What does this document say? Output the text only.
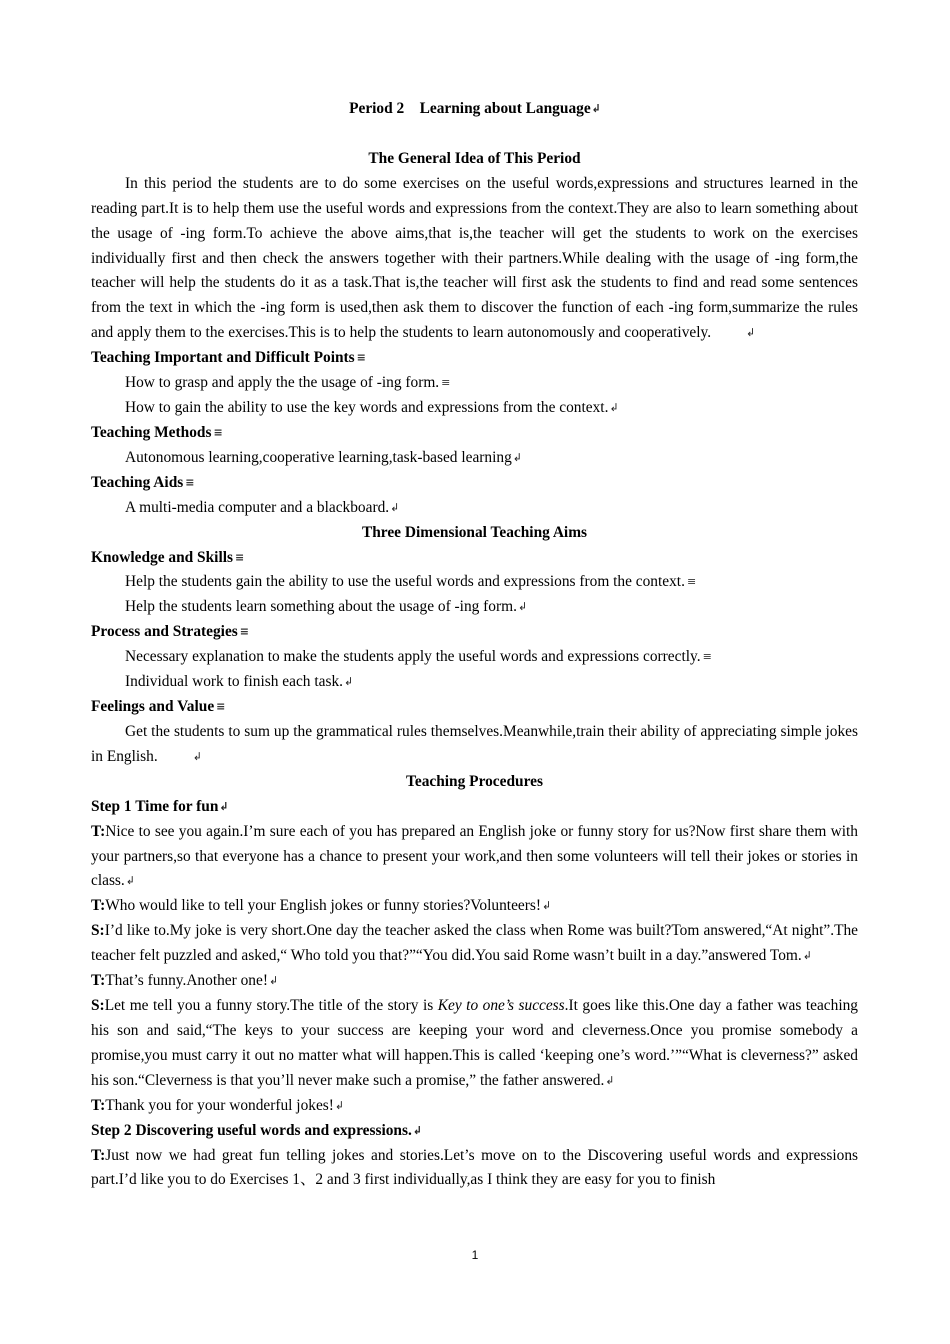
Period 2　Learning about Language↲

The General Idea of This Period

In this period the students are to do some exercises on the useful words,expressions and structures learned in the reading part.It is to help them use the useful words and expressions from the context.They are also to learn something about the usage of -ing form.To achieve the above aims,that is,the teacher will get the students to work on the exercises individually first and then check the answers together with their partners.While dealing with the usage of -ing form,the teacher will help the students do it as a task.That is,the teacher will first ask the students to find and read some sentences from the text in which the -ing form is used,then ask them to discover the function of each -ing form,summarize the rules and apply them to the exercises.This is to help the students to learn autonomously and cooperatively.	↲

Teaching Important and Difficult Points ≡

How to grasp and apply the the usage of -ing form. ≡

How to gain the ability to use the key words and expressions from the context.↲

Teaching Methods ≡

Autonomous learning,cooperative learning,task-based learning↲

Teaching Aids ≡

A multi-media computer and a blackboard.↲

Three Dimensional Teaching Aims

Knowledge and Skills ≡

Help the students gain the ability to use the useful words and expressions from the context. ≡

Help the students learn something about the usage of -ing form.↲

Process and Strategies ≡

Necessary explanation to make the students apply the useful words and expressions correctly. ≡

Individual work to finish each task.↲

Feelings and Value ≡

Get the students to sum up the grammatical rules themselves.Meanwhile,train their ability of appreciating simple jokes in English.	↲

Teaching Procedures

Step 1 Time for fun↲

T:Nice to see you again.I’m sure each of you has prepared an English joke or funny story for us?Now first share them with your partners,so that everyone has a chance to present your work,and then some volunteers will tell their jokes or stories in class.↲

T:Who would like to tell your English jokes or funny stories?Volunteers!↲

S:I’d like to.My joke is very short.One day the teacher asked the class when Rome was built?Tom answered,“At night”.The teacher felt puzzled and asked,“ Who told you that?”“You did.You said Rome wasn’t built in a day.”answered Tom.↲

T:That’s funny.Another one!↲

S:Let me tell you a funny story.The title of the story is Key to one’s success.It goes like this.One day a father was teaching his son and said,“The keys to your success are keeping your word and cleverness.Once you promise somebody a promise,you must carry it out no matter what will happen.This is called ‘keeping one’s word.’”“What is cleverness?” asked his son.“Cleverness is that you’ll never make such a promise,” the father answered.↲

T:Thank you for your wonderful jokes!↲

Step 2 Discovering useful words and expressions.↲

T:Just now we had great fun telling jokes and stories.Let’s move on to the Discovering useful words and expressions part.I’d like you to do Exercises 1、2 and 3 first individually,as I think they are easy for you to finish

1
